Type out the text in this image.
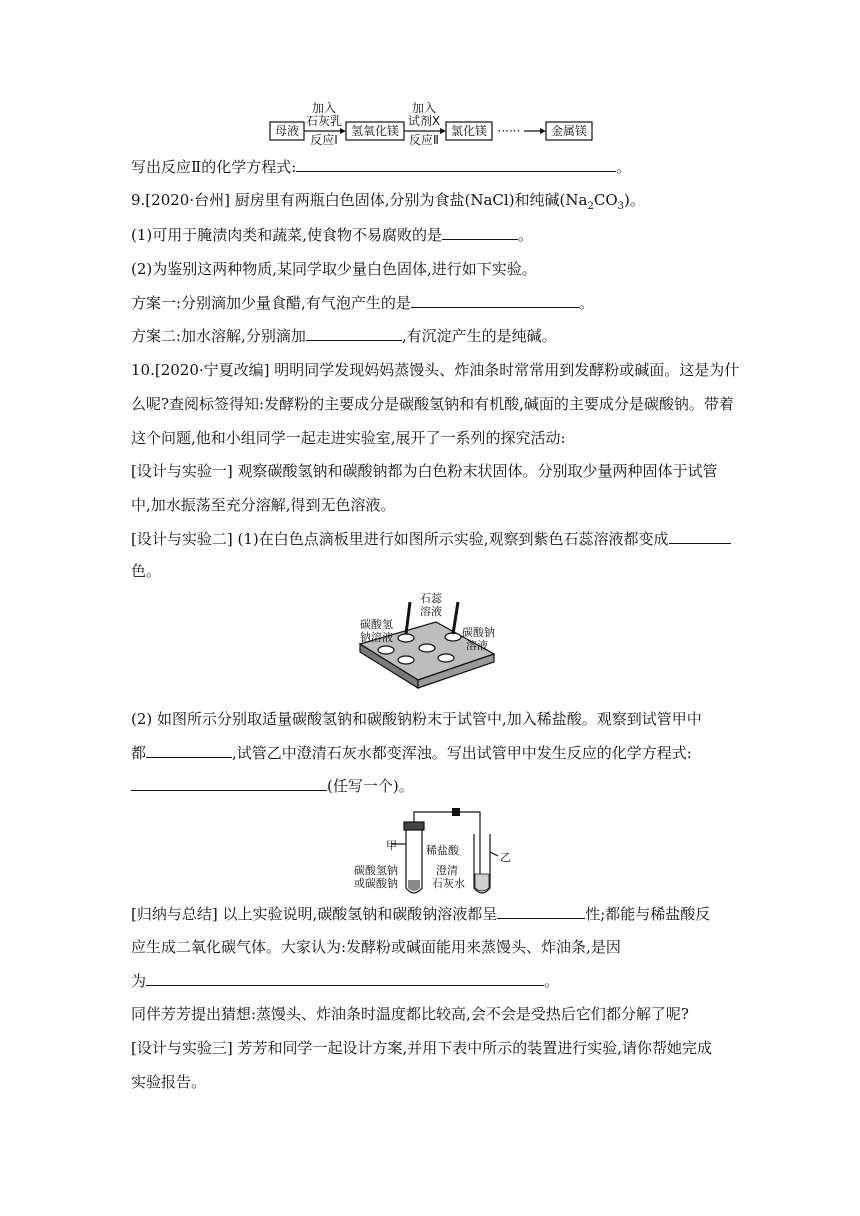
母液
加入
石灰乳
反应Ⅰ
氢氧化镁
加入
试剂X
反应Ⅱ
氯化镁 ······	金属镁
写出反应Ⅱ的化学方程式:	。
9.[2020·台州] 厨房里有两瓶白色固体,分别为食盐(NaCl)和纯碱$(Na_2CO_3)$。
(1)可用于腌渍肉类和蔬菜,使食物不易腐败的是	。
(2)为鉴别这两种物质,某同学取少量白色固体,进行如下实验。
方案一:分别滴加少量食醋,有气泡产生的是	。
方案二:加水溶解,分别滴加	,有沉淀产生的是纯碱。
10.[2020·宁夏改编] 明明同学发现妈妈蒸馒头、炸油条时常常用到发酵粉或碱面。这是为什
么呢?查阅标签得知:发酵粉的主要成分是碳酸氢钠和有机酸,碱面的主要成分是碳酸钠。带着
这个问题,他和小组同学一起走进实验室,展开了一系列的探究活动:
[设计与实验一] 观察碳酸氢钠和碳酸钠都为白色粉末状固体。分别取少量两种固体于试管
中,加水振荡至充分溶解,得到无色溶液。
[设计与实验二] (1)在白色点滴板里进行如图所示实验,观察到紫色石蕊溶液都变成
色。
石蕊
溶液
碳酸氢
钠溶液	碳酸钠
溶液
(2) 如图所示分别取适量碳酸氢钠和碳酸钠粉末于试管中,加入稀盐酸。观察到试管甲中
都	,试管乙中澄清石灰水都变浑浊。写出试管甲中发生反应的化学方程式:
(任写一个)。
甲
乙
稀盐酸
碳酸氢钠
或碳酸钠
澄清
石灰水
[归纳与总结] 以上实验说明,碳酸氢钠和碳酸钠溶液都呈	性;都能与稀盐酸反
应生成二氧化碳气体。大家认为:发酵粉或碱面能用来蒸馒头、炸油条,是因
为	。
同伴芳芳提出猜想:蒸馒头、炸油条时温度都比较高,会不会是受热后它们都分解了呢?
[设计与实验三] 芳芳和同学一起设计方案,并用下表中所示的装置进行实验,请你帮她完成
实验报告。
